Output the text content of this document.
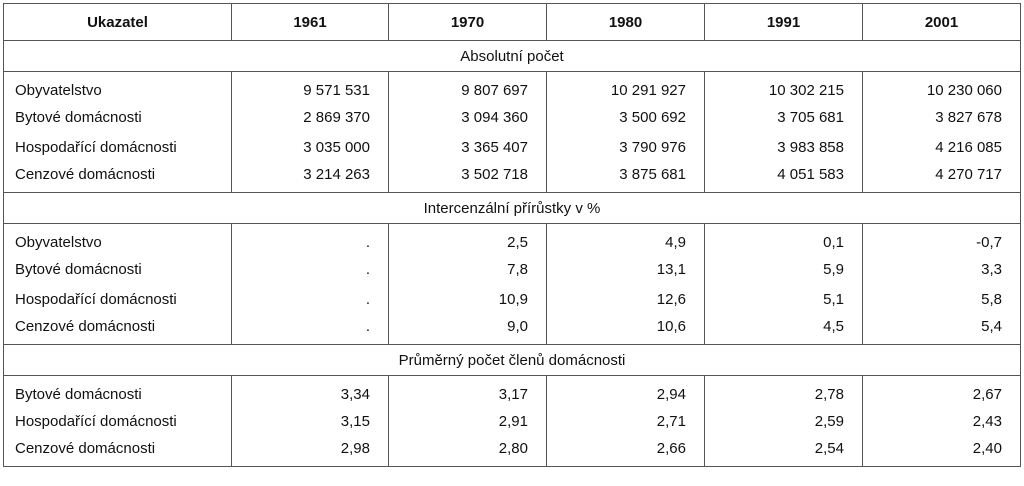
Ukazatel	1961	1970	1980	1991	2001
Absolutní počet					
Obyvatelstvo	9 571 531	9 807 697	10 291 927	10 302 215	10 230 060
Bytové domácnosti	2 869 370	3 094 360	3 500 692	3 705 681	3 827 678
Hospodařící domácnosti	3 035 000	3 365 407	3 790 976	3 983 858	4 216 085
Cenzové domácnosti	3 214 263	3 502 718	3 875 681	4 051 583	4 270 717
Intercenzální přírůstky v %					
Obyvatelstvo	.	2,5	4,9	0,1	-0,7
Bytové domácnosti	.	7,8	13,1	5,9	3,3
Hospodařící domácnosti	.	10,9	12,6	5,1	5,8
Cenzové domácnosti	.	9,0	10,6	4,5	5,4
Průměrný počet členů domácnosti					
Bytové domácnosti	3,34	3,17	2,94	2,78	2,67
Hospodařící domácnosti	3,15	2,91	2,71	2,59	2,43
Cenzové domácnosti	2,98	2,80	2,66	2,54	2,40
